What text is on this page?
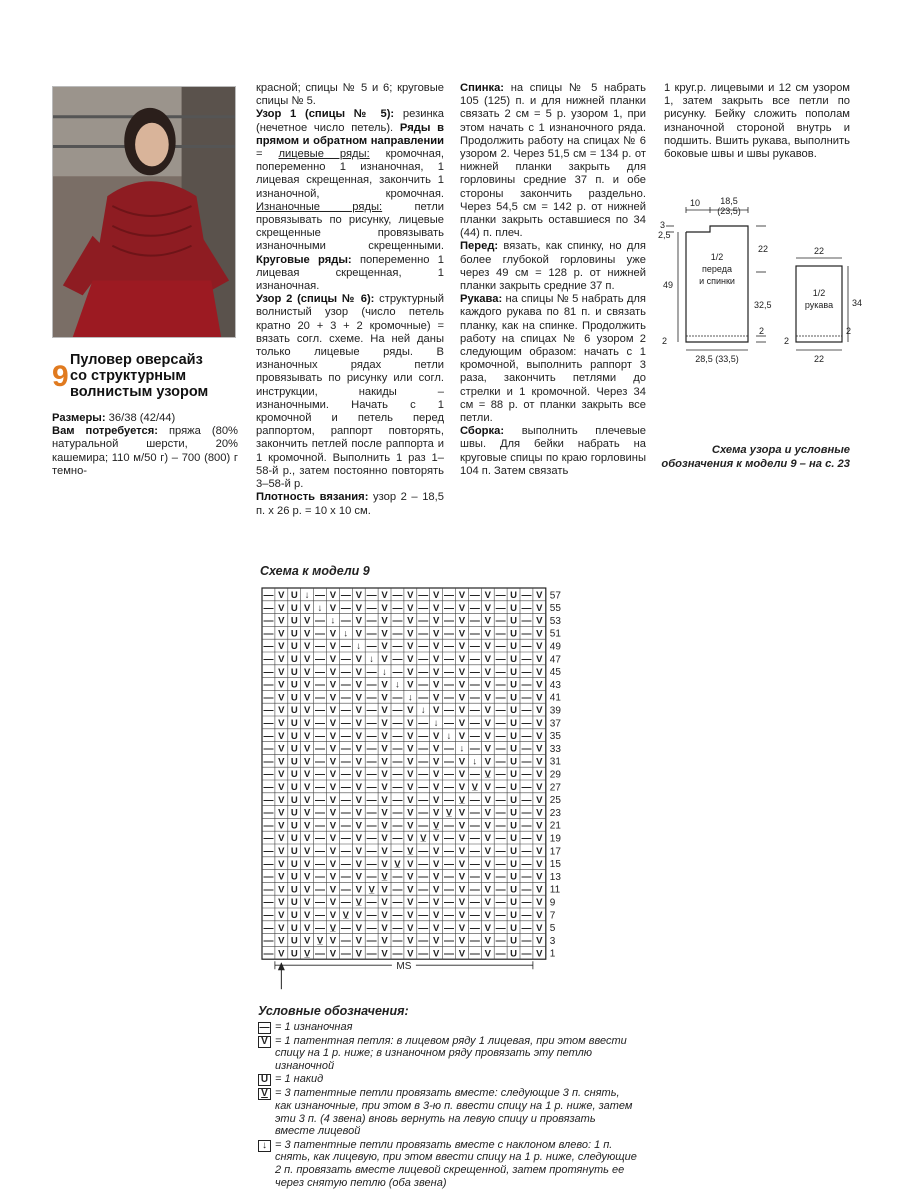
9 Пуловер оверсайз
со структурным
волнистым узором

Размеры: 36/38 (42/44)

Вам потребуется: пряжа (80% натуральной шерсти, 20% кашемира; 110 м/50 г) – 700 (800) г темно-

красной; спицы № 5 и 6; круговые спицы № 5.

Узор 1 (спицы № 5): резинка (нечетное число петель). Ряды в прямом и обратном направлении = лицевые ряды: кромочная, попеременно 1 изнаночная, 1 лицевая скрещенная, закончить 1 изнаночной, кромочная. Изнаночные ряды: петли провязывать по рисунку, лицевые скрещенные провязывать изнаночными скрещенными. Круговые ряды: попеременно 1 лицевая скрещенная, 1 изнаночная.

Узор 2 (спицы № 6): структурный волнистый узор (число петель кратно 20 + 3 + 2 кромочные) = вязать согл. схеме. На ней даны только лицевые ряды. В изнаночных рядах петли провязывать по рисунку или согл. инструкции, накиды – изнаночными. Начать с 1 кромочной и петель перед раппортом, раппорт повторять, закончить петлей после раппорта и 1 кромочной. Выполнить 1 раз 1–58-й р., затем постоянно повторять 3–58-й р.

Плотность вязания: узор 2 – 18,5 п. х 26 р. = 10 х 10 см.

Спинка: на спицы № 5 набрать 105 (125) п. и для нижней планки связать 2 см = 5 р. узором 1, при этом начать с 1 изнаночного ряда. Продолжить работу на спицах № 6 узором 2. Через 51,5 см = 134 р. от нижней планки закрыть для горловины средние 37 п. и обе стороны закончить раздельно. Через 54,5 см = 142 р. от нижней планки закрыть оставшиеся по 34 (44) п. плеч.

Перед: вязать, как спинку, но для более глубокой горловины уже через 49 см = 128 р. от нижней планки закрыть средние 37 п.

Рукава: на спицы № 5 набрать для каждого рукава по 81 п. и связать планку, как на спинке. Продолжить работу на спицах № 6 узором 2 следующим образом: начать с 1 кромочной, выполнить раппорт 3 раза, закончить петлями до стрелки и 1 кромочной. Через 34 см = 88 р. от планки закрыть все петли.

Сборка: выполнить плечевые швы. Для бейки набрать на круговые спицы по краю горловины 104 п. Затем связать

1 круг.р. лицевыми и 12 см узором 1, затем закрыть все петли по рисунку. Бейку сложить пополам изнаночной стороной внутрь и подшить. Вшить рукава, выполнить боковые швы и швы рукавов.

10 18,5
(23,5)
3
2,5
49
22
32,5
2
2
28,5 (33,5)
1/2
переда
и спинки
22
34
2
2
22
1/2
рукава
Схема узора и условные обозначения к модели 9 – на с. 23
Схема к модели 9
— V U ↓ — V — V — V — V — V — V — V — U — V 57
— V U V ↓ V — V — V — V — V — V — V — U — V 55
— V U V — ↓ — V — V — V — V — V — V — U — V 53
— V U V — V ↓ V — V — V — V — V — V — U — V 51
— V U V — V — ↓ — V — V — V — V — V — U — V 49
— V U V — V — V ↓ V — V — V — V — V — U — V 47
— V U V — V — V — ↓ — V — V — V — V — U — V 45
— V U V — V — V — V ↓ V — V — V — V — U — V 43
— V U V — V — V — V — ↓ — V — V — V — U — V 41
— V U V — V — V — V — V ↓ V — V — V — U — V 39
— V U V — V — V — V — V — ↓ — V — V — U — V 37
— V U V — V — V — V — V — V ↓ V — V — U — V 35
— V U V — V — V — V — V — V — ↓ — V — U — V 33
— V U V — V — V — V — V — V — V ↓ V — U — V 31
— V U V — V — V — V — V — V — V — V̲ — U — V 29
— V U V — V — V — V — V — V — V V̲ V — U — V 27
— V U V — V — V — V — V — V — V̲ — V — U — V 25
— V U V — V — V — V — V — V V̲ V — V — U — V 23
— V U V — V — V — V — V — V̲ — V — V — U — V 21
— V U V — V — V — V — V V̲ V — V — V — U — V 19
— V U V — V — V — V — V̲ — V — V — V — U — V 17
— V U V — V — V — V V̲ V — V — V — V — U — V 15
— V U V — V — V — V̲ — V — V — V — V — U — V 13
— V U V — V — V V̲ V — V — V — V — V — U — V 11
— V U V — V — V̲ — V — V — V — V — V — U — V 9
— V U V — V V̲ V — V — V — V — V — V — U — V 7
— V U V — V̲ — V — V — V — V — V — V — U — V 5
— V U V V̲ V — V — V — V — V — V — V — U — V 3
— V U V̲ — V — V — V — V — V — V — V — U — V 1
MS
Условные обозначения:
— = 1 изнаночная
V = 1 патентная петля: в лицевом ряду 1 лицевая, при этом ввести спицу на 1 р. ниже; в изнаночном ряду провязать эту петлю изнаночной
U = 1 накид
V = 3 патентные петли провязать вместе: следующие 3 п. снять, как изнаночные, при этом в 3-ю п. ввести спицу на 1 р. ниже, затем эти 3 п. (4 звена) вновь вернуть на левую спицу и провязать вместе лицевой
↓ = 3 патентные петли провязать вместе с наклоном влево: 1 п. снять, как лицевую, при этом ввести спицу на 1 р. ниже, следующие 2 п. провязать вместе лицевой скрещенной, затем протянуть ее через снятую петлю (оба звена)
